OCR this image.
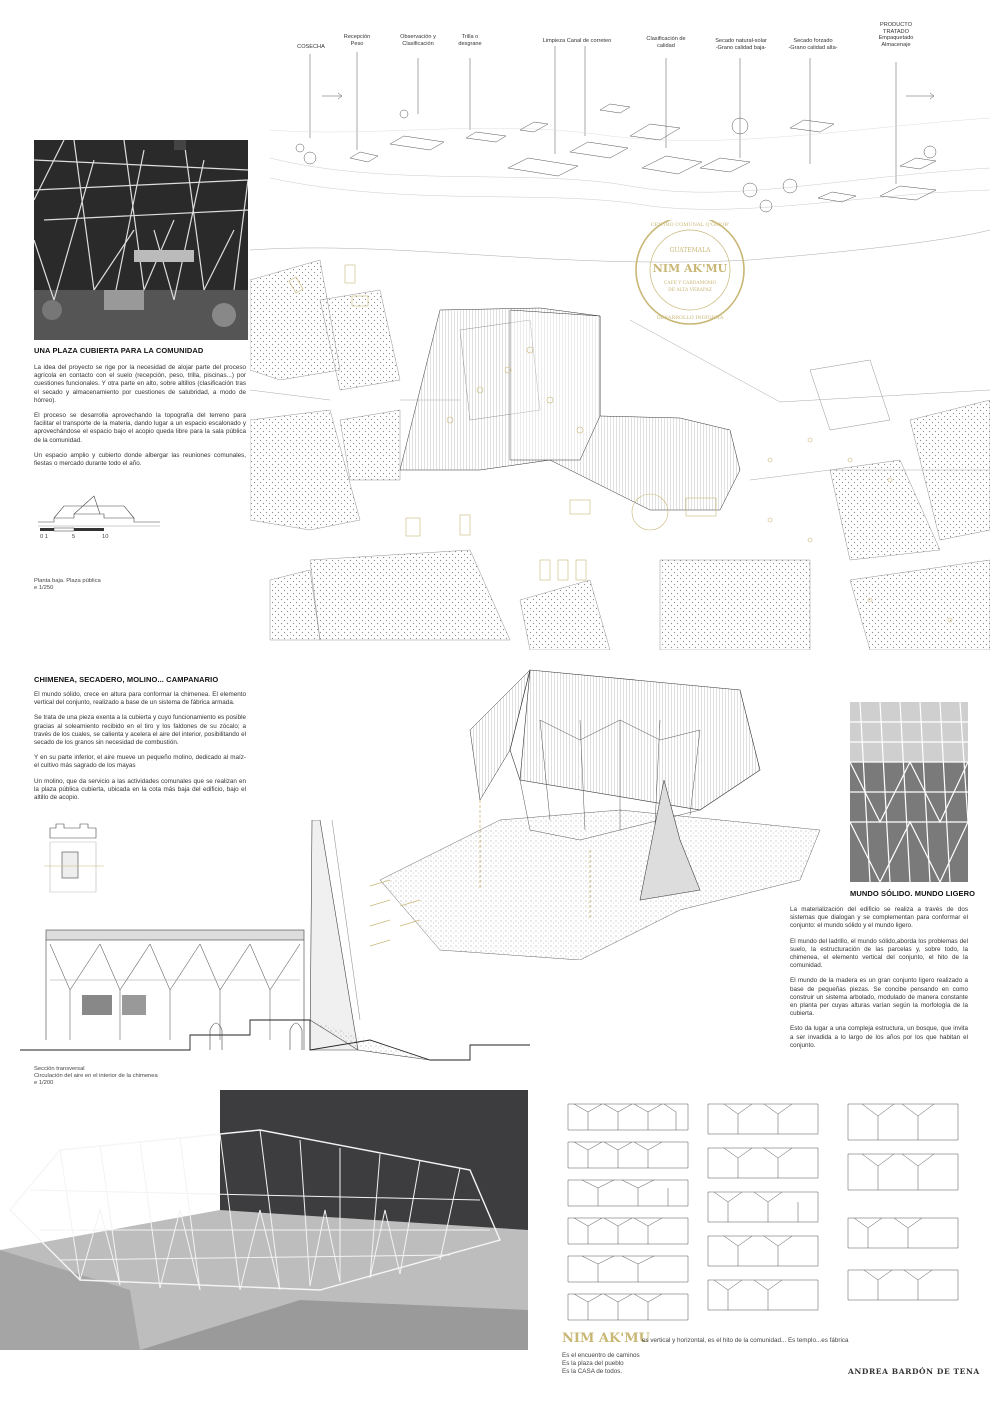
COSECHA
Recepción
Peso
Observación y
Clasificación
Trilla o
desgrane	Limpieza Canal de correteo	Clasificación de
calidad
Secado natural-solar
-Grano calidad baja-
Secado forzado
-Grano calidad alta-
PRODUCTO
TRATADO
Empaquetado
Almacenaje
UNA PLAZA CUBIERTA PARA LA COMUNIDAD

La idea del proyecto se rige por la necesidad de alojar parte del proceso agrícola en contacto con el suelo (recepción, peso, trilla, piscinas...) por cuestiones funcionales. Y otra parte en alto, sobre altillos (clasificación tras el secado y almacenamiento por cuestiones de salubridad, a modo de hórreo).

El proceso se desarrolla aprovechando la topografía del terreno para facilitar el transporte de la materia, dando lugar a un espacio escalonado y aprovechándose el espacio bajo el acopio queda libre para la sala pública de la comunidad.

Un espacio amplio y cubierto donde albergar las reuniones comunales, fiestas o mercado durante todo el año.

0 1	5	10
Planta baja. Plaza pública
e 1/250
GUATEMALA
NIM AK'MU
CAFÉ Y CARDAMOMO
DE ALTA VERAPAZ
CENTRO COMUNAL Q'OMOB'
DESARROLLO INDÍGENA
CHIMENEA, SECADERO, MOLINO... CAMPANARIO

El mundo sólido, crece en altura para conformar la chimenea. El elemento vertical del conjunto, realizado a base de un sistema de fábrica armada.

Se trata de una pieza exenta a la cubierta y cuyo funcionamiento es posible gracias al soleamiento recibido en el tiro y los faldones de su zócalo; a través de los cuales, se calienta y acelera el aire del interior, posibilitando el secado de los granos sin necesidad de combustión.

Y en su parte inferior, el aire mueve un pequeño molino, dedicado al maíz- el cultivo más sagrado de los mayas

Un molino, que da servicio a las actividades comunales que se realizan en la plaza pública cubierta, ubicada en la cota más baja del edificio, bajo el altillo de acopio.

MUNDO SÓLIDO. MUNDO LIGERO

La materialización del edificio se realiza a través de dos sistemas que dialogan y se complementan para conformar el conjunto: el mundo sólido y el mundo ligero.

El mundo del ladrillo, el mundo sólido,aborda los problemas del suelo, la estructuración de las parcelas y, sobre todo, la chimenea, el elemento vertical del conjunto, el hito de la comunidad.

El mundo de la madera es un gran conjunto ligero realizado a base de pequeñas piezas. Se concibe pensando en como construir un sistema arbolado, modulado de manera constante en planta per cuyas alturas varían según la morfología de la cubierta.

Esto da lugar a una compleja estructura, un bosque, que invita a ser invadida a lo largo de los años por los que habitan el conjunto.

Sección transversal
Circulación del aire en el interior de la chimenea
e 1/200
NIM AK'MU
es vertical y horizontal, es el hito de la comunidad... Es templo...es fábrica
Es el encuentro de caminos
Es la plaza del pueblo
Es la CASA de todos.	ANDREA BARDÓN DE TENA
